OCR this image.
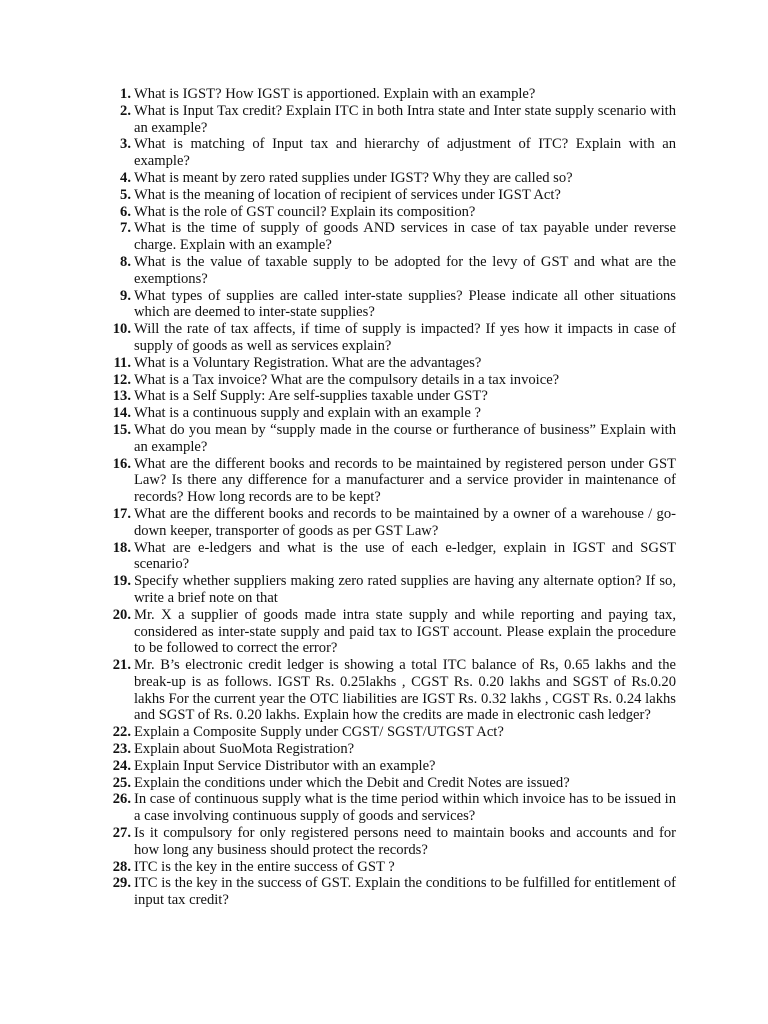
1. What is IGST? How IGST is apportioned. Explain with an example?
2. What is Input Tax credit? Explain ITC in both Intra state and Inter state supply scenario with an example?
3. What is matching of Input tax and hierarchy of adjustment of ITC? Explain with an example?
4. What is meant by zero rated supplies under IGST? Why they are called so?
5. What is the meaning of location of recipient of services under IGST Act?
6. What is the role of GST council? Explain its composition?
7. What is the time of supply of goods AND services in case of tax payable under reverse charge. Explain with an example?
8. What is the value of taxable supply to be adopted for the levy of GST and what are the exemptions?
9. What types of supplies are called inter-state supplies? Please indicate all other situations which are deemed to inter-state supplies?
10. Will the rate of tax affects, if time of supply is impacted? If yes how it impacts in case of supply of goods as well as services explain?
11. What is a Voluntary Registration. What are the advantages?
12. What is a Tax invoice? What are the compulsory details in a tax invoice?
13. What is a Self Supply: Are self-supplies taxable under GST?
14. What is a continuous supply and explain with an example ?
15. What do you mean by “supply made in the course or furtherance of business” Explain with an example?
16. What are the different books and records to be maintained by registered person under GST Law? Is there any difference for a manufacturer and a service provider in maintenance of records? How long records are to be kept?
17. What are the different books and records to be maintained by a owner of a warehouse / go-down keeper, transporter of goods as per GST Law?
18. What are e-ledgers and what is the use of each e-ledger, explain in IGST and SGST scenario?
19. Specify whether suppliers making zero rated supplies are having any alternate option? If so, write a brief note on that
20. Mr. X a supplier of goods made intra state supply and while reporting and paying tax, considered as inter-state supply and paid tax to IGST account. Please explain the procedure to be followed to correct the error?
21. Mr. B’s electronic credit ledger is showing a total ITC balance of Rs, 0.65 lakhs and the break-up is as follows. IGST Rs. 0.25lakhs , CGST Rs. 0.20 lakhs and SGST of Rs.0.20 lakhs For the current year the OTC liabilities are IGST Rs. 0.32 lakhs , CGST Rs. 0.24 lakhs and SGST of Rs. 0.20 lakhs. Explain how the credits are made in electronic cash ledger?
22. Explain a Composite Supply under CGST/ SGST/UTGST Act?
23. Explain about SuoMota Registration?
24. Explain Input Service Distributor with an example?
25. Explain the conditions under which the Debit and Credit Notes are issued?
26. In case of continuous supply what is the time period within which invoice has to be issued in a case involving continuous supply of goods and services?
27. Is it compulsory for only registered persons need to maintain books and accounts and for how long any business should protect the records?
28. ITC is the key in the entire success of GST ?
29. ITC is the key in the success of GST. Explain the conditions to be fulfilled for entitlement of input tax credit?
